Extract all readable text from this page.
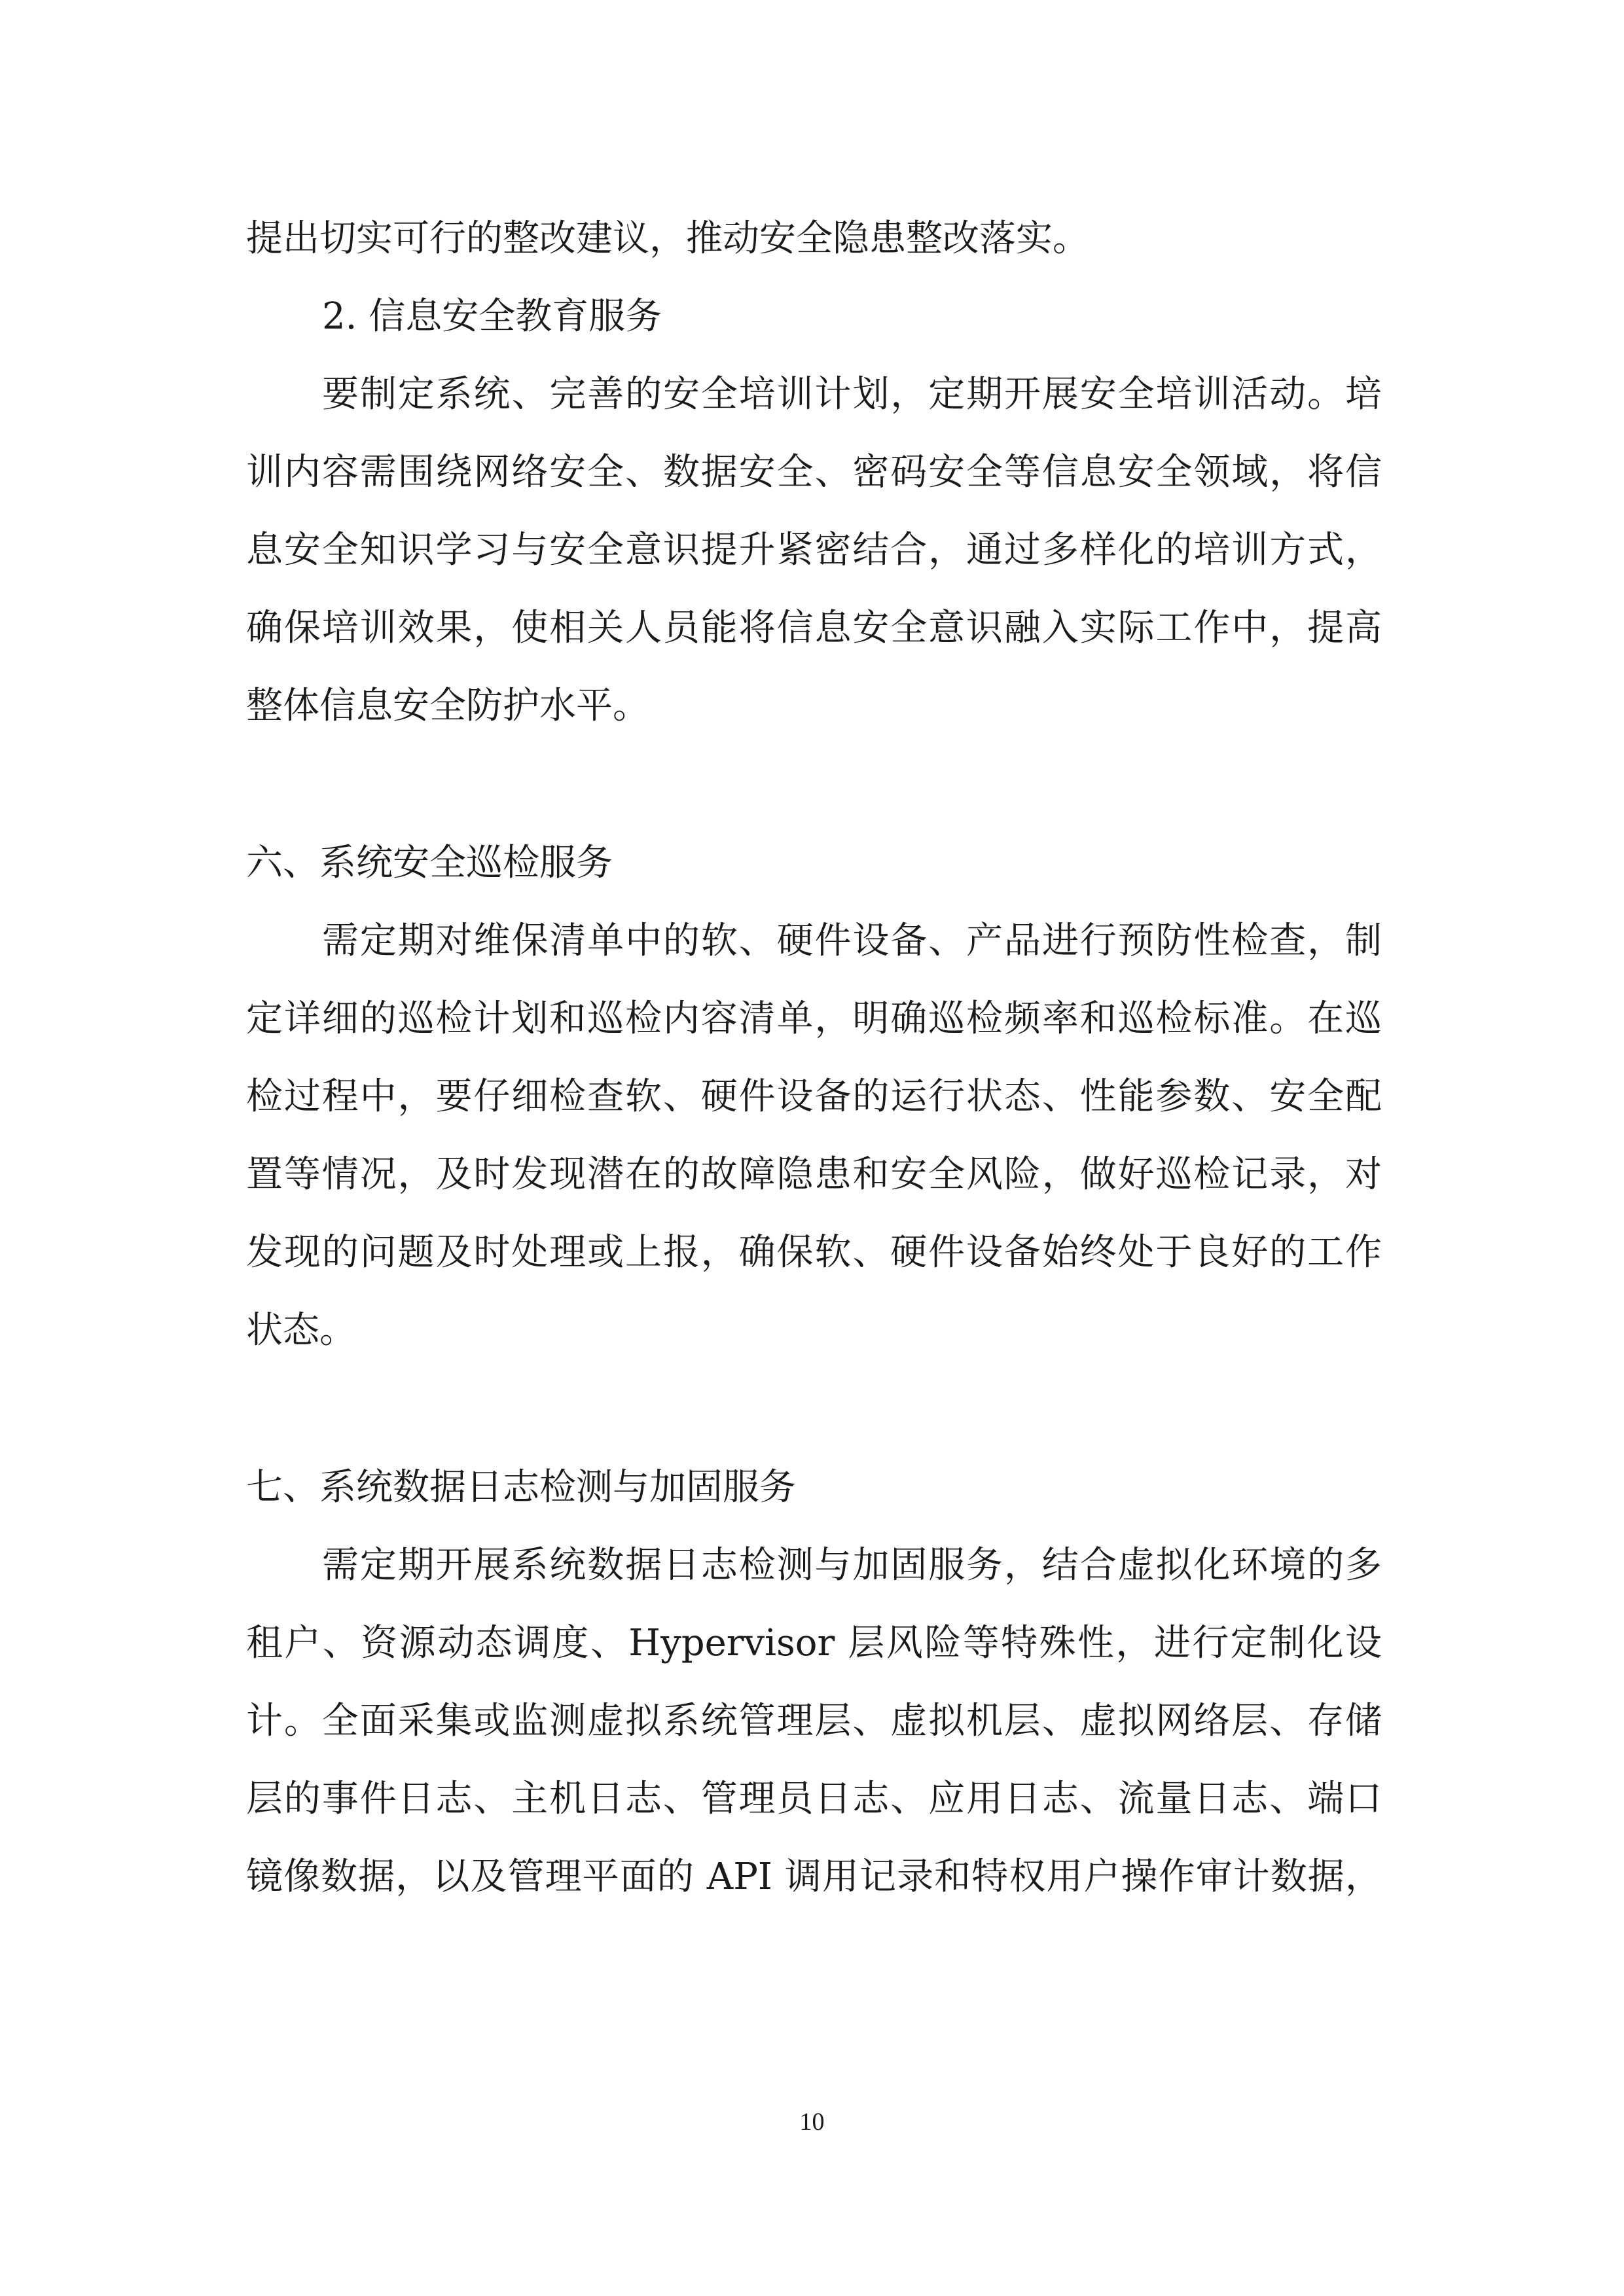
提出切实可行的整改建议，推动安全隐患整改落实。
2. 信息安全教育服务
要制定系统、完善的安全培训计划，定期开展安全培训活动。培
训内容需围绕网络安全、数据安全、密码安全等信息安全领域，将信
息安全知识学习与安全意识提升紧密结合，通过多样化的培训方式，
确保培训效果，使相关人员能将信息安全意识融入实际工作中，提高
整体信息安全防护水平。
六、系统安全巡检服务
需定期对维保清单中的软、硬件设备、产品进行预防性检查，制
定详细的巡检计划和巡检内容清单，明确巡检频率和巡检标准。在巡
检过程中，要仔细检查软、硬件设备的运行状态、性能参数、安全配
置等情况，及时发现潜在的故障隐患和安全风险，做好巡检记录，对
发现的问题及时处理或上报，确保软、硬件设备始终处于良好的工作
状态。
七、系统数据日志检测与加固服务
需定期开展系统数据日志检测与加固服务，结合虚拟化环境的多
租户、资源动态调度、Hypervisor 层风险等特殊性，进行定制化设
计。全面采集或监测虚拟系统管理层、虚拟机层、虚拟网络层、存储
层的事件日志、主机日志、管理员日志、应用日志、流量日志、端口
镜像数据，以及管理平面的 API 调用记录和特权用户操作审计数据，
10
